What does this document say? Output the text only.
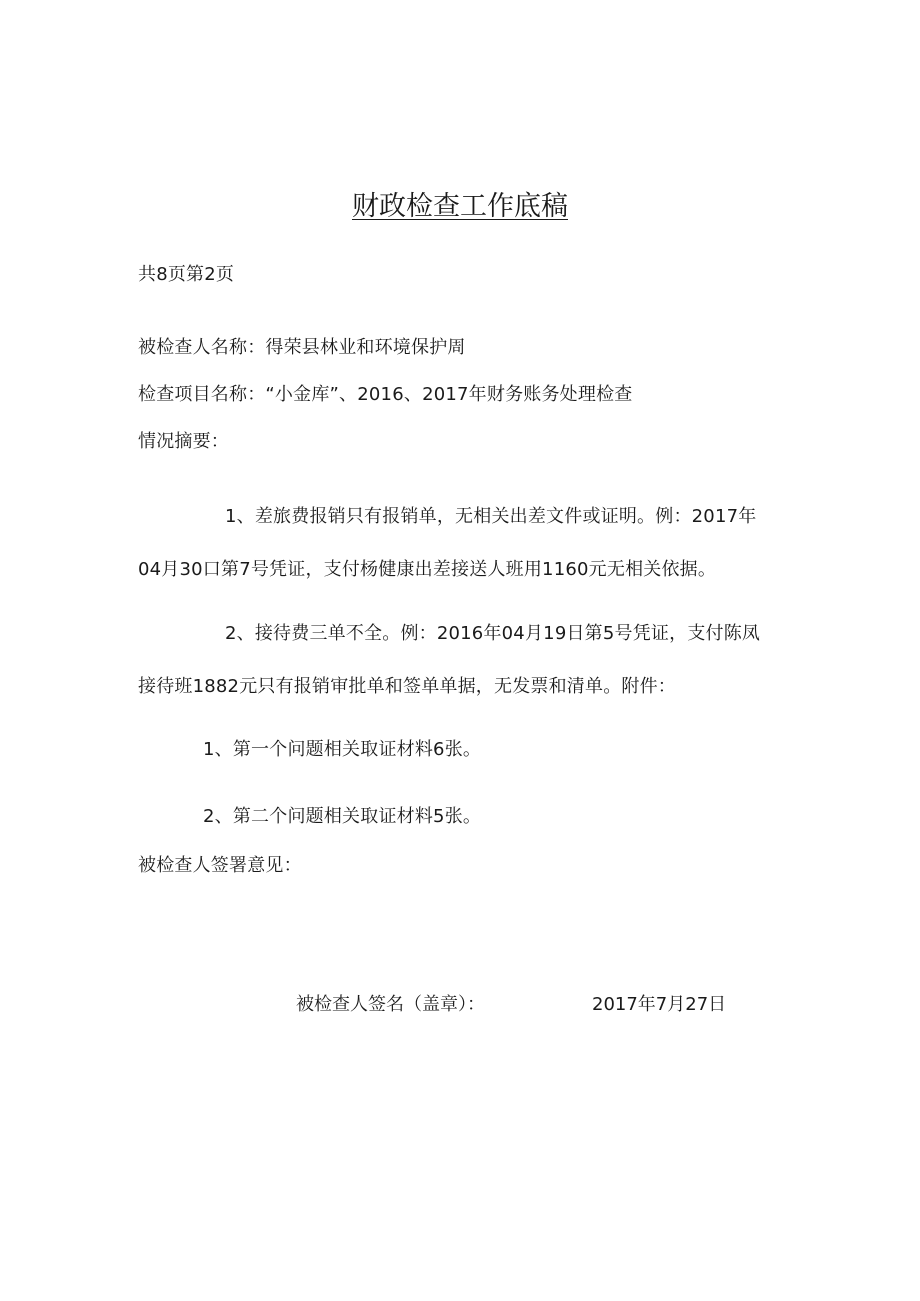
财政检查工作底稿
共8页第2页
被检查人名称：得荣县林业和环境保护周
检查项目名称：“小金库”、2016、2017年财务账务处理检查
情况摘要：
1、差旅费报销只有报销单，无相关出差文件或证明。例：2017年04月30口第7号凭证，支付杨健康出差接送人班用1160元无相关依据。
2、接待费三单不全。例：2016年04月19日第5号凭证，支付陈凤接待班1882元只有报销审批单和签单单据，无发票和清单。附件：
1、第一个问题相关取证材料6张。
2、第二个问题相关取证材料5张。
被检查人签署意见：
被检查人签名（盖章）：	2017年7月27日
